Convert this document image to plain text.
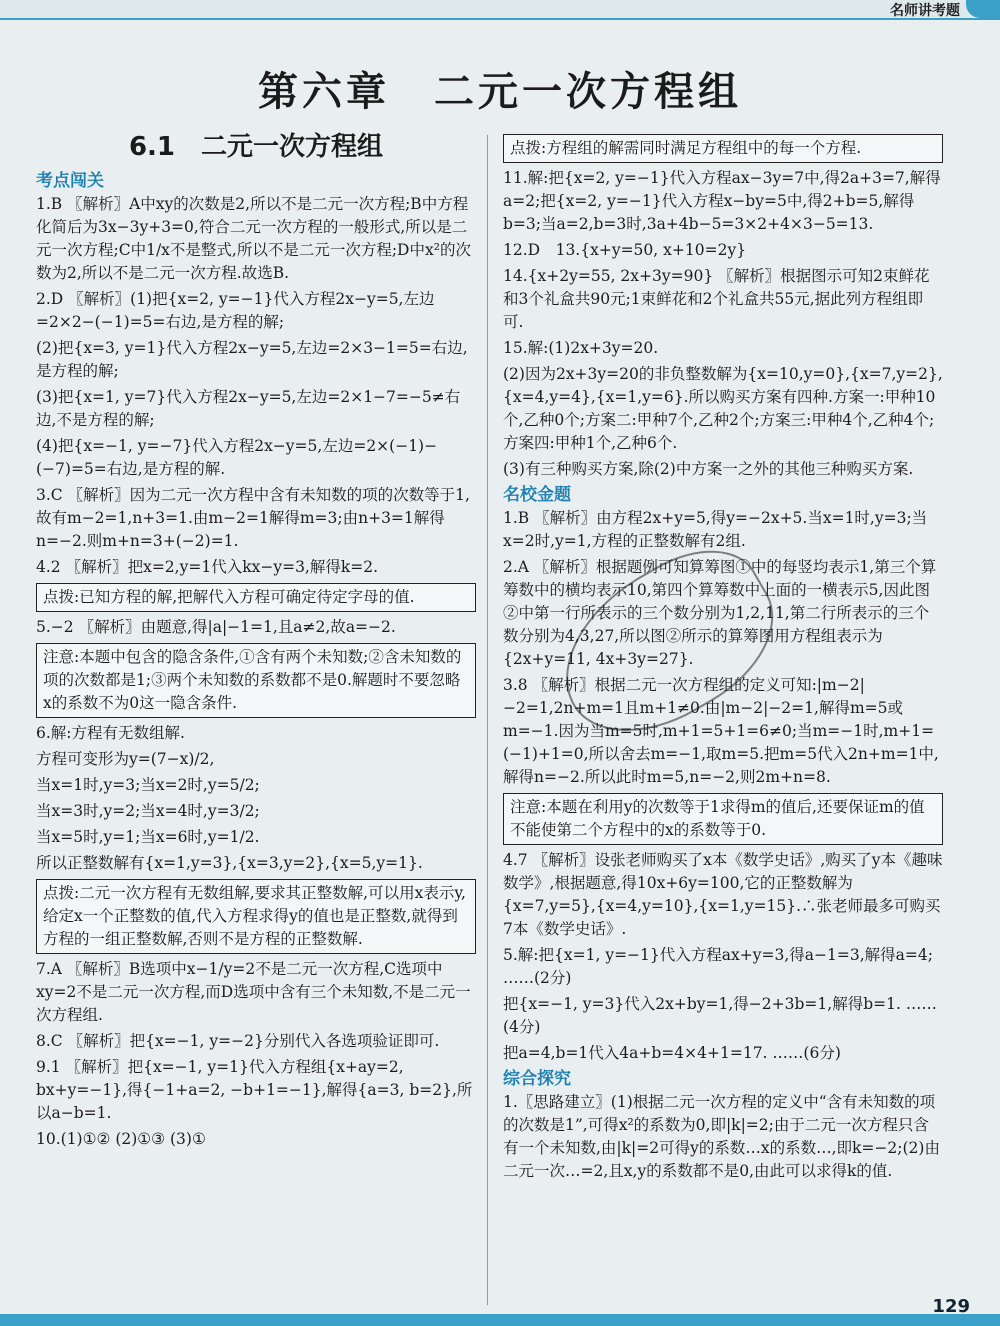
名师讲考题
第六章　二元一次方程组
6.1　二元一次方程组
考点闯关
1.B 〖解析〗A中xy的次数是2,所以不是二元一次方程;B中方程化简后为3x−3y+3=0,符合二元一次方程的一般形式,所以是二元一次方程;C中1/x不是整式,所以不是二元一次方程;D中x²的次数为2,所以不是二元一次方程.故选B.
2.D 〖解析〗(1)把{x=2, y=−1}代入方程2x−y=5,左边=2×2−(−1)=5=右边,是方程的解;
(2)把{x=3, y=1}代入方程2x−y=5,左边=2×3−1=5=右边,是方程的解;
(3)把{x=1, y=7}代入方程2x−y=5,左边=2×1−7=−5≠右边,不是方程的解;
(4)把{x=−1, y=−7}代入方程2x−y=5,左边=2×(−1)−(−7)=5=右边,是方程的解.
3.C 〖解析〗因为二元一次方程中含有未知数的项的次数等于1,故有m−2=1,n+3=1.由m−2=1解得m=3;由n+3=1解得n=−2.则m+n=3+(−2)=1.
4.2 〖解析〗把x=2,y=1代入kx−y=3,解得k=2.
点拨:已知方程的解,把解代入方程可确定待定字母的值.
5.−2 〖解析〗由题意,得|a|−1=1,且a≠2,故a=−2.
注意:本题中包含的隐含条件,①含有两个未知数;②含未知数的项的次数都是1;③两个未知数的系数都不是0.解题时不要忽略x的系数不为0这一隐含条件.
6.解:方程有无数组解.
方程可变形为y=(7−x)/2,
当x=1时,y=3;当x=2时,y=5/2;
当x=3时,y=2;当x=4时,y=3/2;
当x=5时,y=1;当x=6时,y=1/2.
所以正整数解有{x=1,y=3},{x=3,y=2},{x=5,y=1}.
点拨:二元一次方程有无数组解,要求其正整数解,可以用x表示y,给定x一个正整数的值,代入方程求得y的值也是正整数,就得到方程的一组正整数解,否则不是方程的正整数解.
7.A 〖解析〗B选项中x−1/y=2不是二元一次方程,C选项中xy=2不是二元一次方程,而D选项中含有三个未知数,不是二元一次方程组.
8.C 〖解析〗把{x=−1, y=−2}分别代入各选项验证即可.
9.1 〖解析〗把{x=−1, y=1}代入方程组{x+ay=2, bx+y=−1},得{−1+a=2, −b+1=−1},解得{a=3, b=2},所以a−b=1.
10.(1)①② (2)①③ (3)①
点拨:方程组的解需同时满足方程组中的每一个方程.
11.解:把{x=2, y=−1}代入方程ax−3y=7中,得2a+3=7,解得a=2;把{x=2, y=−1}代入方程x−by=5中,得2+b=5,解得b=3;当a=2,b=3时,3a+4b−5=3×2+4×3−5=13.
12.D　13.{x+y=50, x+10=2y}
14.{x+2y=55, 2x+3y=90} 〖解析〗根据图示可知2束鲜花和3个礼盒共90元;1束鲜花和2个礼盒共55元,据此列方程组即可.
15.解:(1)2x+3y=20.
(2)因为2x+3y=20的非负整数解为{x=10,y=0},{x=7,y=2},{x=4,y=4},{x=1,y=6}.所以购买方案有四种.方案一:甲种10个,乙种0个;方案二:甲种7个,乙种2个;方案三:甲种4个,乙种4个;方案四:甲种1个,乙种6个.
(3)有三种购买方案,除(2)中方案一之外的其他三种购买方案.
名校金题
1.B 〖解析〗由方程2x+y=5,得y=−2x+5.当x=1时,y=3;当x=2时,y=1,方程的正整数解有2组.
2.A 〖解析〗根据题例可知算筹图①中的每竖均表示1,第三个算筹数中的横均表示10,第四个算筹数中上面的一横表示5,因此图②中第一行所表示的三个数分别为1,2,11,第二行所表示的三个数分别为4,3,27,所以图②所示的算筹图用方程组表示为{2x+y=11, 4x+3y=27}.
3.8 〖解析〗根据二元一次方程组的定义可知:|m−2|−2=1,2n+m=1且m+1≠0.由|m−2|−2=1,解得m=5或m=−1.因为当m=5时,m+1=5+1=6≠0;当m=−1时,m+1=(−1)+1=0,所以舍去m=−1,取m=5.把m=5代入2n+m=1中,解得n=−2.所以此时m=5,n=−2,则2m+n=8.
注意:本题在利用y的次数等于1求得m的值后,还要保证m的值不能使第二个方程中的x的系数等于0.
4.7 〖解析〗设张老师购买了x本《数学史话》,购买了y本《趣味数学》,根据题意,得10x+6y=100,它的正整数解为{x=7,y=5},{x=4,y=10},{x=1,y=15}.∴张老师最多可购买7本《数学史话》.
5.解:把{x=1, y=−1}代入方程ax+y=3,得a−1=3,解得a=4; ……(2分)
把{x=−1, y=3}代入2x+by=1,得−2+3b=1,解得b=1. ……(4分)
把a=4,b=1代入4a+b=4×4+1=17. ……(6分)
综合探究
1.〖思路建立〗(1)根据二元一次方程的定义中“含有未知数的项的次数是1”,可得x²的系数为0,即|k|=2;由于二元一次方程只含有一个未知数,由|k|=2可得y的系数…x的系数…,即k=−2;(2)由二元一次…=2,且x,y的系数都不是0,由此可以求得k的值.
129
